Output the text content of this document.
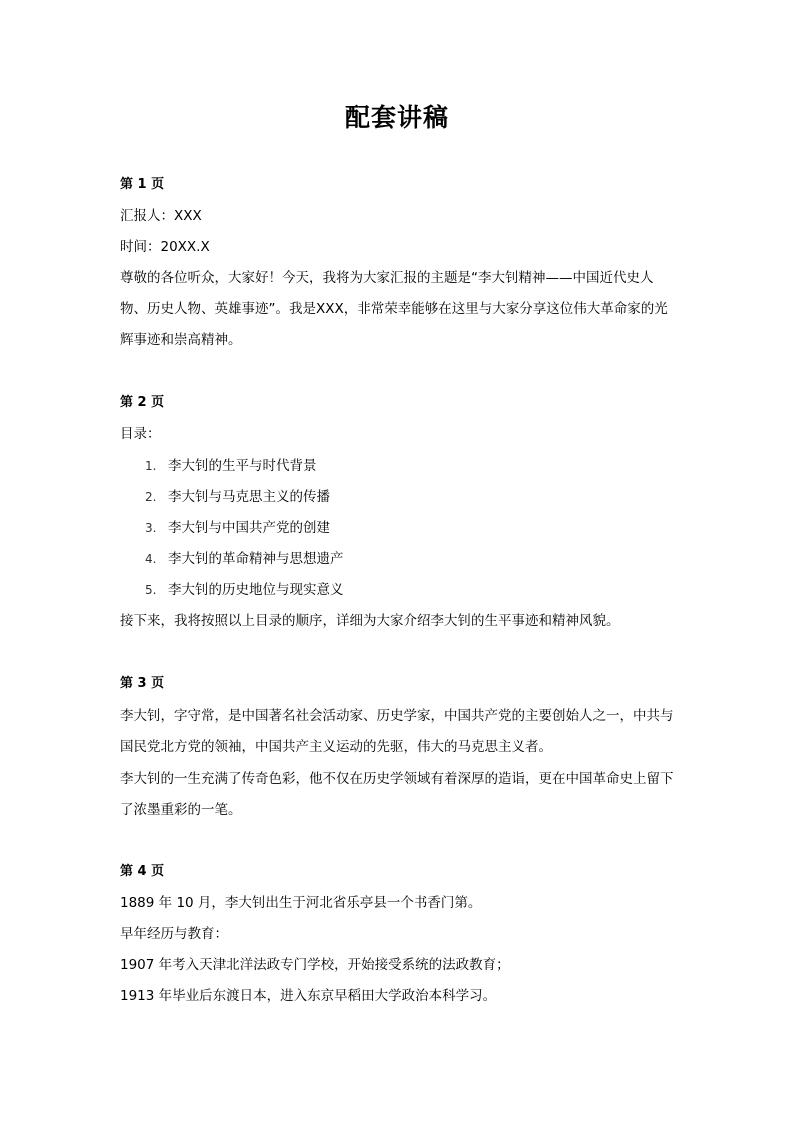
配套讲稿
第 1 页
汇报人：XXX
时间：20XX.X
尊敬的各位听众，大家好！今天，我将为大家汇报的主题是“李大钊精神——中国近代史人物、历史人物、英雄事迹”。我是XXX，非常荣幸能够在这里与大家分享这位伟大革命家的光辉事迹和崇高精神。
第 2 页
目录：
1. 李大钊的生平与时代背景
2. 李大钊与马克思主义的传播
3. 李大钊与中国共产党的创建
4. 李大钊的革命精神与思想遗产
5. 李大钊的历史地位与现实意义
接下来，我将按照以上目录的顺序，详细为大家介绍李大钊的生平事迹和精神风貌。
第 3 页
李大钊，字守常，是中国著名社会活动家、历史学家，中国共产党的主要创始人之一，中共与国民党北方党的领袖，中国共产主义运动的先驱，伟大的马克思主义者。
李大钊的一生充满了传奇色彩，他不仅在历史学领域有着深厚的造诣，更在中国革命史上留下了浓墨重彩的一笔。
第 4 页
1889 年 10 月，李大钊出生于河北省乐亭县一个书香门第。
早年经历与教育：
1907 年考入天津北洋法政专门学校，开始接受系统的法政教育；
1913 年毕业后东渡日本，进入东京早稻田大学政治本科学习。
